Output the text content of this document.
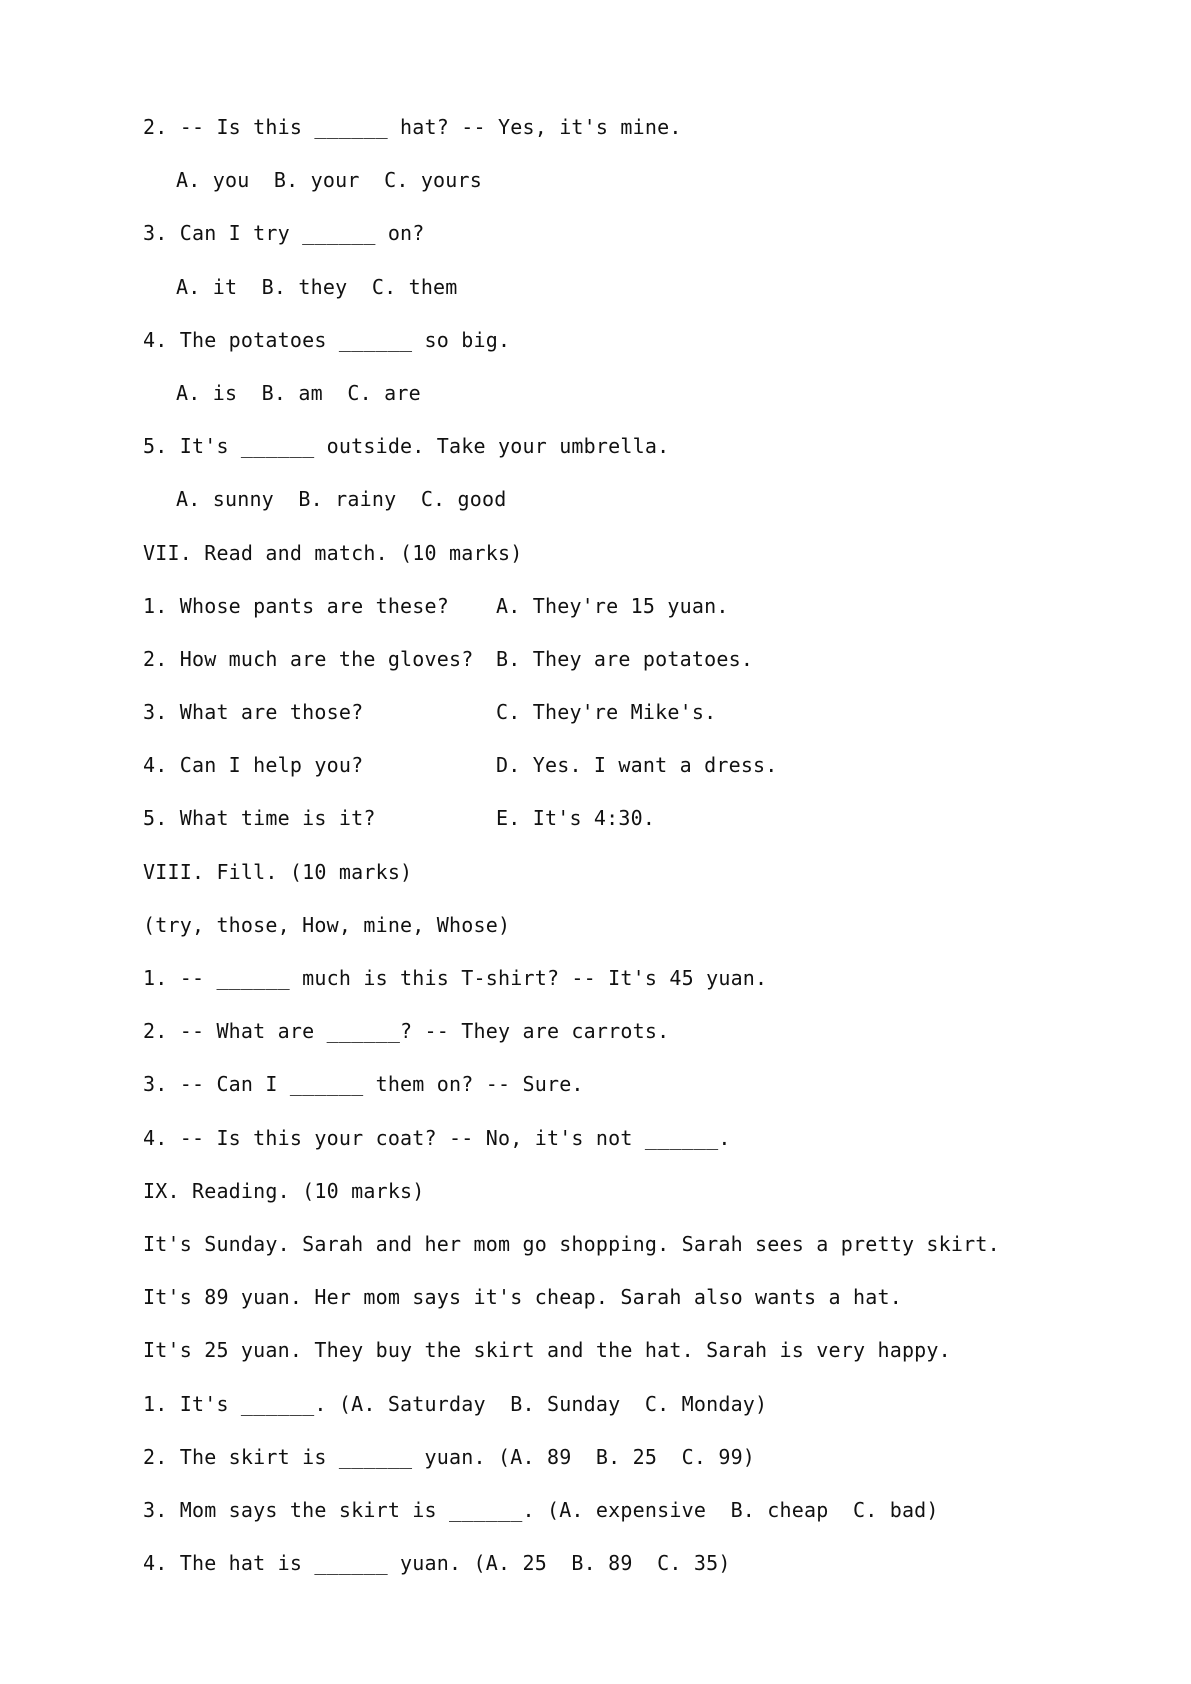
2. -- Is this ______ hat? -- Yes, it's mine.
A. you  B. your  C. yours
3. Can I try ______ on?
A. it  B. they  C. them
4. The potatoes ______ so big.
A. is  B. am  C. are
5. It's ______ outside. Take your umbrella.
A. sunny  B. rainy  C. good
VII. Read and match. (10 marks)
1. Whose pants are these?	A. They're 15 yuan.
2. How much are the gloves?	B. They are potatoes.
3. What are those?	C. They're Mike's.
4. Can I help you?	D. Yes. I want a dress.
5. What time is it?	E. It's 4:30.
VIII. Fill. (10 marks)
(try, those, How, mine, Whose)
1. -- ______ much is this T-shirt? -- It's 45 yuan.
2. -- What are ______? -- They are carrots.
3. -- Can I ______ them on? -- Sure.
4. -- Is this your coat? -- No, it's not ______.
IX. Reading. (10 marks)
It's Sunday. Sarah and her mom go shopping. Sarah sees a pretty skirt.
It's 89 yuan. Her mom says it's cheap. Sarah also wants a hat.
It's 25 yuan. They buy the skirt and the hat. Sarah is very happy.
1. It's ______. (A. Saturday  B. Sunday  C. Monday)
2. The skirt is ______ yuan. (A. 89  B. 25  C. 99)
3. Mom says the skirt is ______. (A. expensive  B. cheap  C. bad)
4. The hat is ______ yuan. (A. 25  B. 89  C. 35)
